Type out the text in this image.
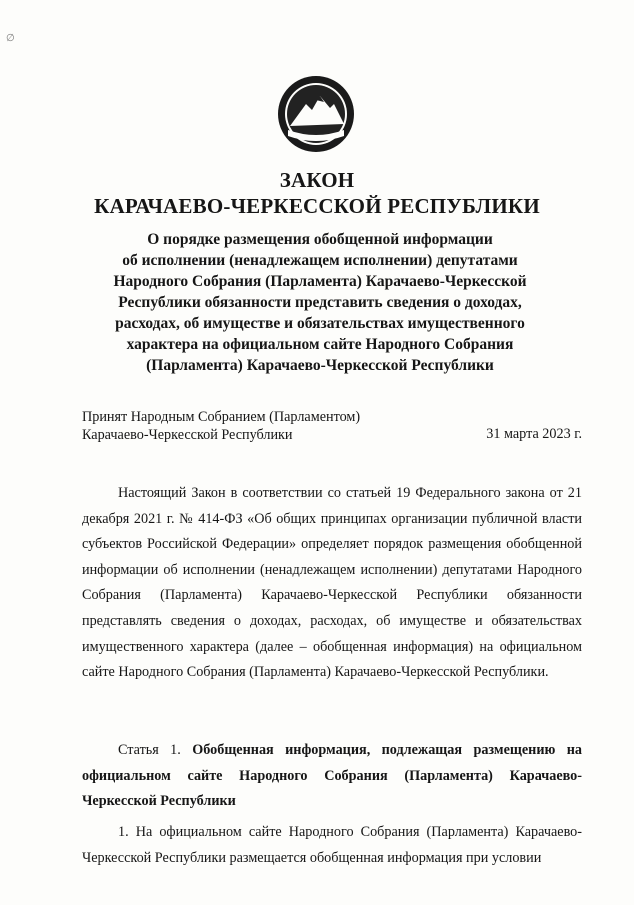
∅
ЗАКОН
КАРАЧАЕВО-ЧЕРКЕССКОЙ РЕСПУБЛИКИ
О порядке размещения обобщенной информации
об исполнении (ненадлежащем исполнении) депутатами
Народного Собрания (Парламента) Карачаево-Черкесской
Республики обязанности представить сведения о доходах,
расходах, об имуществе и обязательствах имущественного
характера на официальном сайте Народного Собрания
(Парламента) Карачаево-Черкесской Республики
Принят Народным Собранием (Парламентом)
Карачаево-Черкесской Республики	31 марта 2023 г.

Настоящий Закон в соответствии со статьей 19 Федерального закона от 21 декабря 2021 г. № 414-ФЗ «Об общих принципах организации публичной власти субъектов Российской Федерации» определяет порядок размещения обобщенной информации об исполнении (ненадлежащем исполнении) депутатами Народного Собрания (Парламента) Карачаево-Черкесской Республики обязанности представлять сведения о доходах, расходах, об имуществе и обязательствах имущественного характера (далее – обобщенная информация) на официальном сайте Народного Собрания (Парламента) Карачаево-Черкесской Республики.

Статья 1. Обобщенная информация, подлежащая размещению на официальном сайте Народного Собрания (Парламента) Карачаево-Черкесской Республики

1. На официальном сайте Народного Собрания (Парламента) Карачаево-Черкесской Республики размещается обобщенная информация при условии
